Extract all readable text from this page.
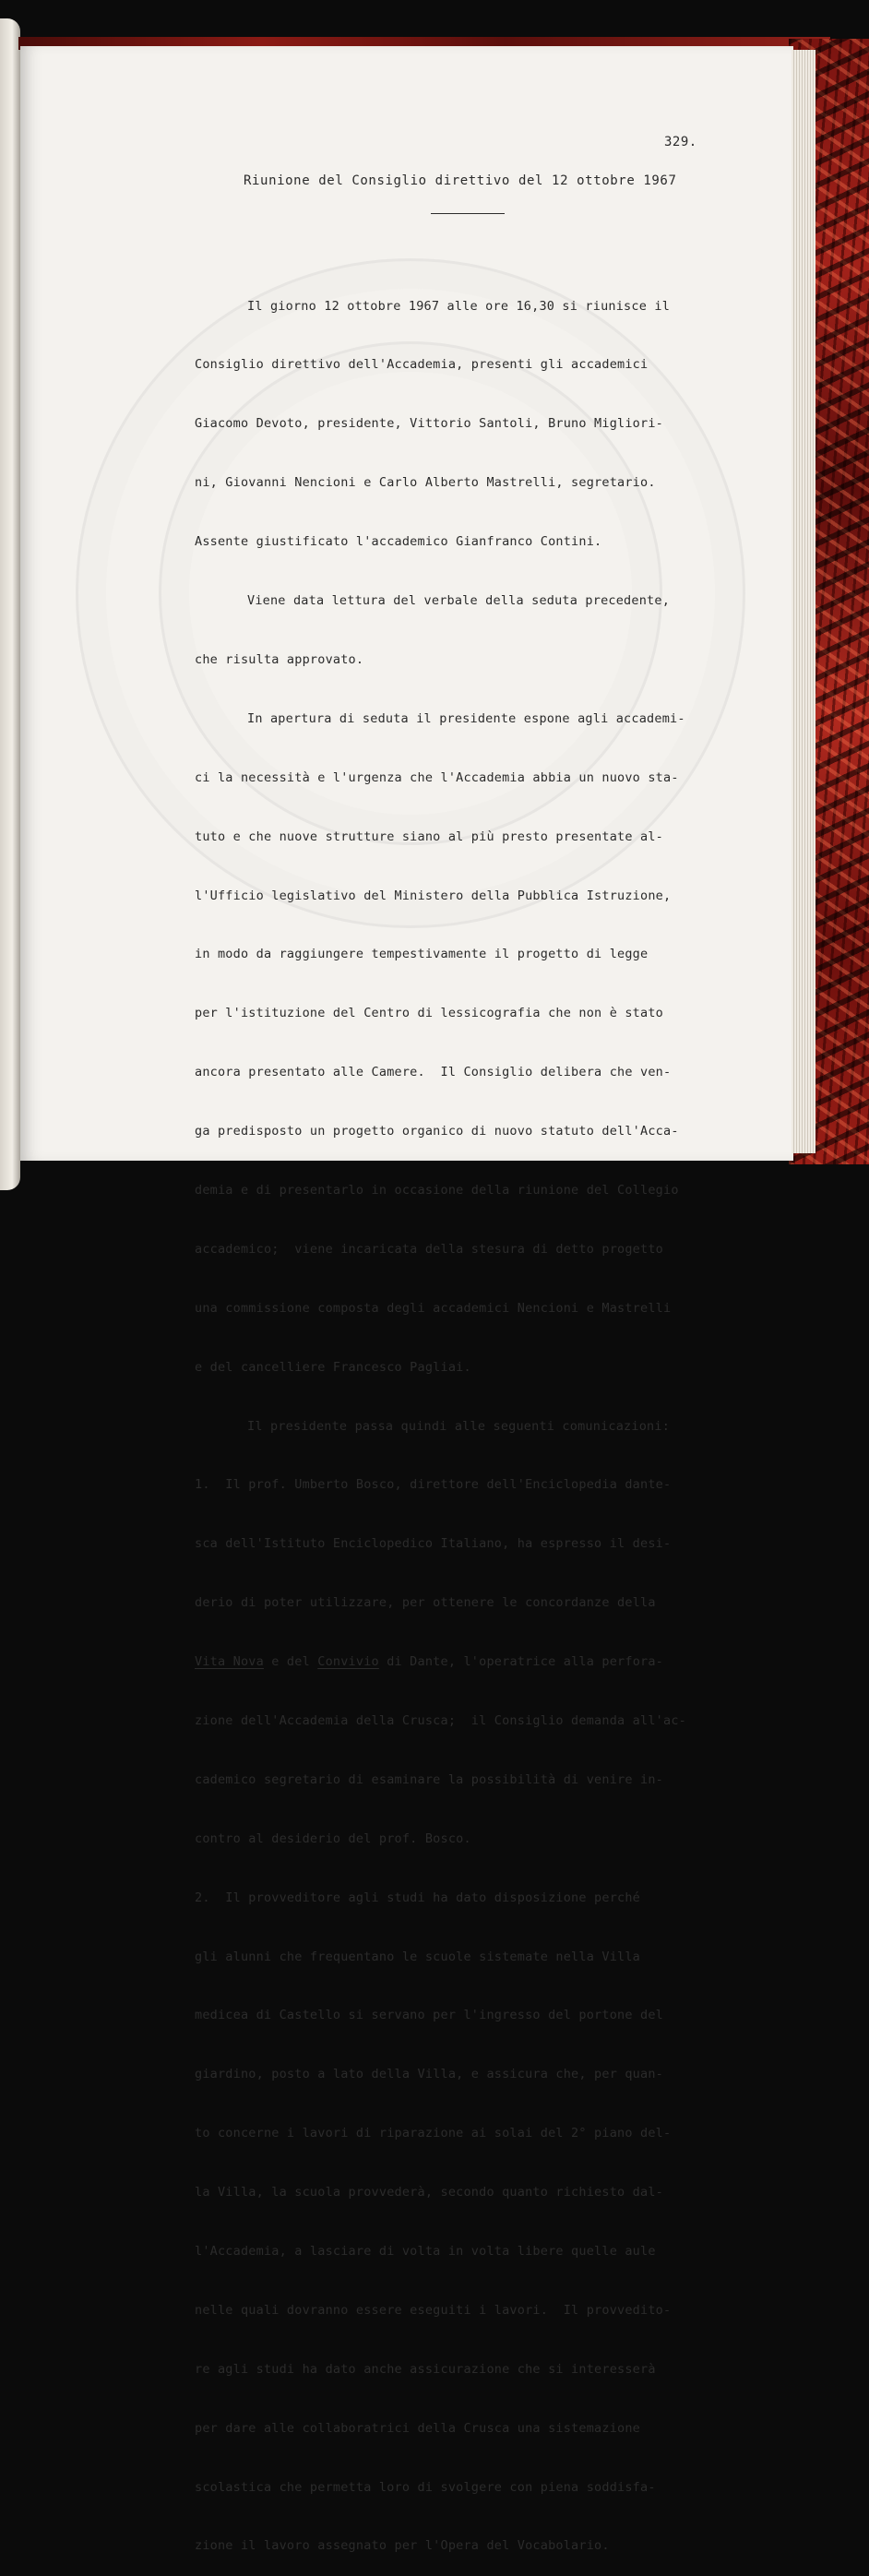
329.
Riunione del Consiglio direttivo del 12 ottobre 1967

Il giorno 12 ottobre 1967 alle ore 16,30 si riunisce il

Consiglio direttivo dell'Accademia, presenti gli accademici

Giacomo Devoto, presidente, Vittorio Santoli, Bruno Migliori-

ni, Giovanni Nencioni e Carlo Alberto Mastrelli, segretario.

Assente giustificato l'accademico Gianfranco Contini.

Viene data lettura del verbale della seduta precedente,

che risulta approvato.

In apertura di seduta il presidente espone agli accademi-

ci la necessità e l'urgenza che l'Accademia abbia un nuovo sta-

tuto e che nuove strutture siano al più presto presentate al-

l'Ufficio legislativo del Ministero della Pubblica Istruzione,

in modo da raggiungere tempestivamente il progetto di legge

per l'istituzione del Centro di lessicografia che non è stato

ancora presentato alle Camere.  Il Consiglio delibera che ven-

ga predisposto un progetto organico di nuovo statuto dell'Acca-

demia e di presentarlo in occasione della riunione del Collegio

accademico;  viene incaricata della stesura di detto progetto

una commissione composta degli accademici Nencioni e Mastrelli

e del cancelliere Francesco Pagliai.

Il presidente passa quindi alle seguenti comunicazioni:

1.  Il prof. Umberto Bosco, direttore dell'Enciclopedia dante-

sca dell'Istituto Enciclopedico Italiano, ha espresso il desi-

derio di poter utilizzare, per ottenere le concordanze della

Vita Nova e del Convivio di Dante, l'operatrice alla perfora-

zione dell'Accademia della Crusca;  il Consiglio demanda all'ac-

cademico segretario di esaminare la possibilità di venire in-

contro al desiderio del prof. Bosco.

2.  Il provveditore agli studi ha dato disposizione perché

gli alunni che frequentano le scuole sistemate nella Villa

medicea di Castello si servano per l'ingresso del portone del

giardino, posto a lato della Villa, e assicura che, per quan-

to concerne i lavori di riparazione ai solai del 2° piano del-

la Villa, la scuola provvederà, secondo quanto richiesto dal-

l'Accademia, a lasciare di volta in volta libere quelle aule

nelle quali dovranno essere eseguiti i lavori.  Il provvedito-

re agli studi ha dato anche assicurazione che si interesserà

per dare alle collaboratrici della Crusca una sistemazione

scolastica che permetta loro di svolgere con piena soddisfa-

zione il lavoro assegnato per l'Opera del Vocabolario.
